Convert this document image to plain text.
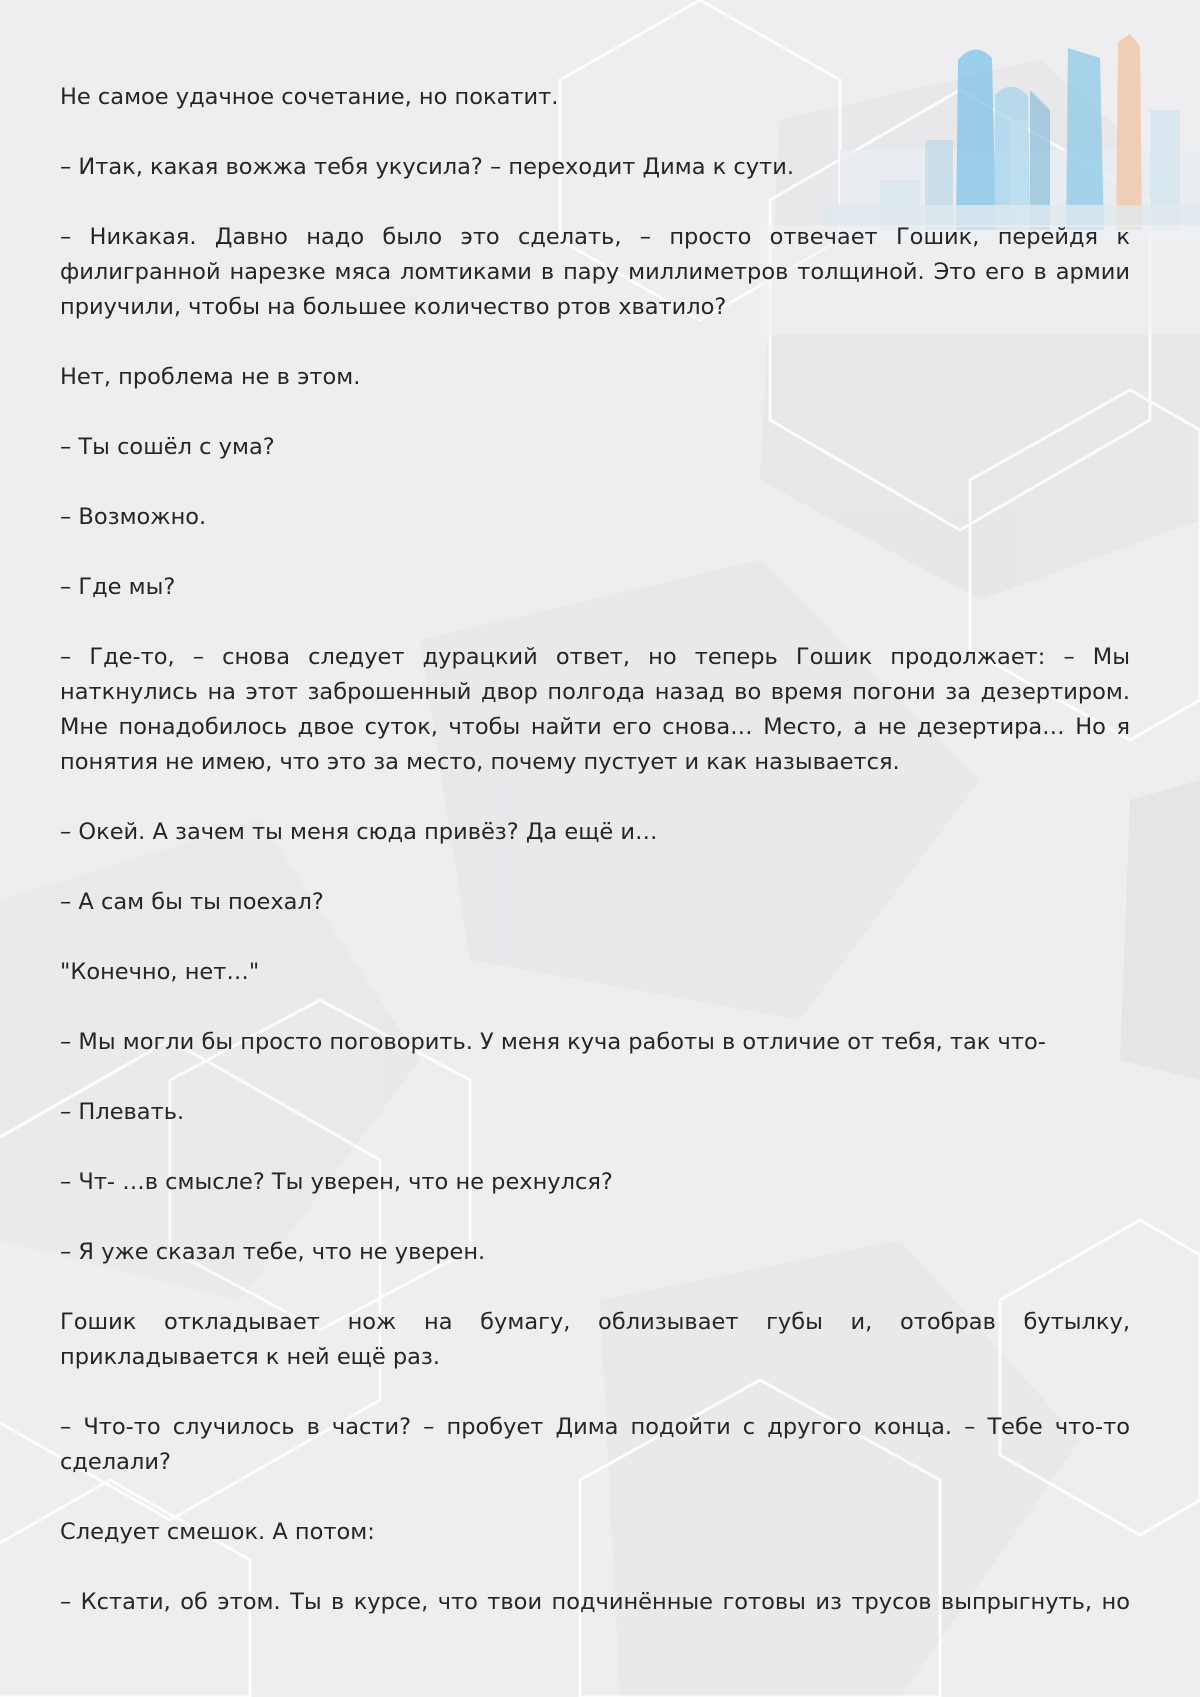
Не самое удачное сочетание, но покатит.

– Итак, какая вожжа тебя укусила? – переходит Дима к сути.

– Никакая. Давно надо было это сделать, – просто отвечает Гошик, перейдя к филигранной нарезке мяса ломтиками в пару миллиметров толщиной. Это его в армии приучили, чтобы на большее количество ртов хватило?

Нет, проблема не в этом.

– Ты сошёл с ума?

– Возможно.

– Где мы?

– Где-то, – снова следует дурацкий ответ, но теперь Гошик продолжает: – Мы наткнулись на этот заброшенный двор полгода назад во время погони за дезертиром. Мне понадобилось двое суток, чтобы найти его снова… Место, а не дезертира… Но я понятия не имею, что это за место, почему пустует и как называется.

– Окей. А зачем ты меня сюда привёз? Да ещё и…

– А сам бы ты поехал?

"Конечно, нет…"

– Мы могли бы просто поговорить. У меня куча работы в отличие от тебя, так что-

– Плевать.

– Чт- …в смысле? Ты уверен, что не рехнулся?

– Я уже сказал тебе, что не уверен.

Гошик откладывает нож на бумагу, облизывает губы и, отобрав бутылку, прикладывается к ней ещё раз.

– Что-то случилось в части? – пробует Дима подойти с другого конца. – Тебе что-то сделали?

Следует смешок. А потом:

– Кстати, об этом. Ты в курсе, что твои подчинённые готовы из трусов выпрыгнуть, но
